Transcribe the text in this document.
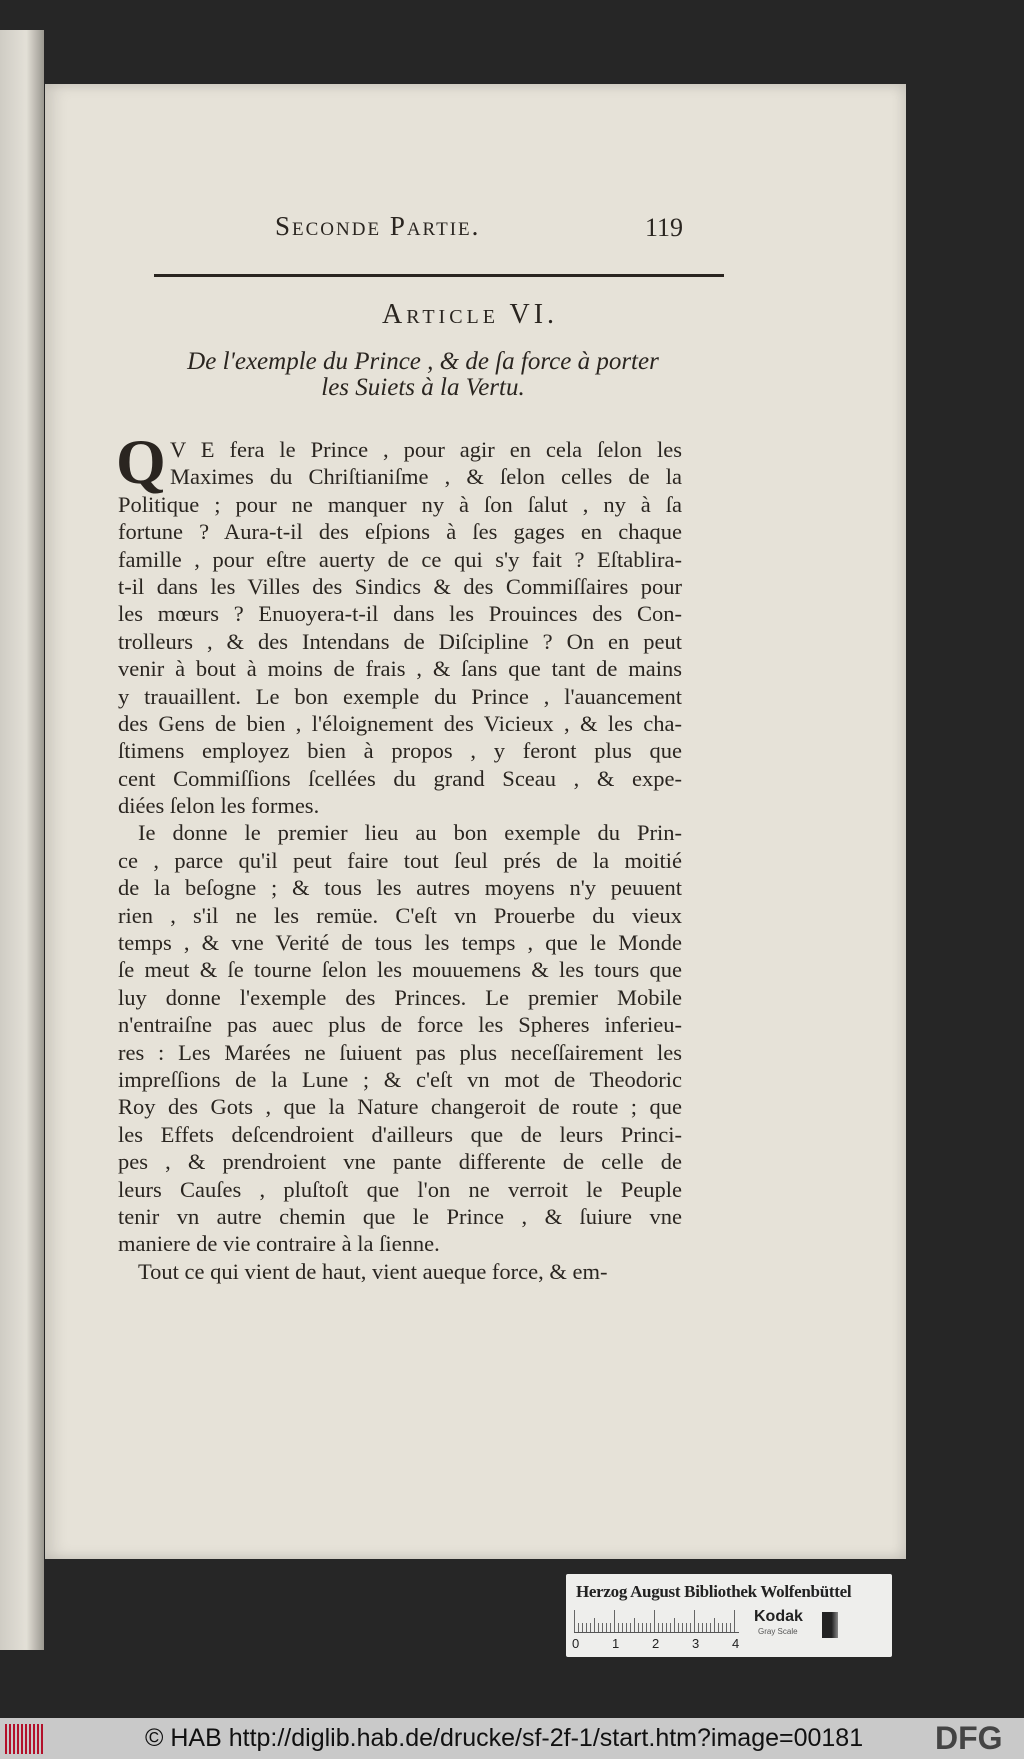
Seconde Partie.	119
Article VI.
De l'exemple du Prince , & de ſa force à porter
les Suiets à la Vertu.
Q V E fera le Prince , pour agir en cela ſelon les
Maximes du Chriſtianiſme , & ſelon celles de la
Politique ; pour ne manquer ny à ſon ſalut , ny à ſa
fortune ? Aura-t-il des eſpions à ſes gages en chaque
famille , pour eſtre auerty de ce qui s'y fait ? Eſtablira-
t-il dans les Villes des Sindics & des Commiſſaires pour
les mœurs ? Enuoyera-t-il dans les Prouinces des Con-
trolleurs , & des Intendans de Diſcipline ? On en peut
venir à bout à moins de frais , & ſans que tant de mains
y trauaillent. Le bon exemple du Prince , l'auancement
des Gens de bien , l'éloignement des Vicieux , & les cha-
ſtimens employez bien à propos , y feront plus que
cent Commiſſions ſcellées du grand Sceau , & expe-
diées ſelon les formes.
Ie donne le premier lieu au bon exemple du Prin-
ce , parce qu'il peut faire tout ſeul prés de la moitié
de la beſogne ; & tous les autres moyens n'y peuuent
rien , s'il ne les remüe. C'eſt vn Prouerbe du vieux
temps , & vne Verité de tous les temps , que le Monde
ſe meut & ſe tourne ſelon les mouuemens & les tours que
luy donne l'exemple des Princes. Le premier Mobile
n'entraiſne pas auec plus de force les Spheres inferieu-
res : Les Marées ne ſuiuent pas plus neceſſairement les
impreſſions de la Lune ; & c'eſt vn mot de Theodoric
Roy des Gots , que la Nature changeroit de route ; que
les Effets deſcendroient d'ailleurs que de leurs Princi-
pes , & prendroient vne pante differente de celle de
leurs Cauſes , pluſtoſt que l'on ne verroit le Peuple
tenir vn autre chemin que le Prince , & ſuiure vne
maniere de vie contraire à la ſienne.
Tout ce qui vient de haut, vient aueque force, & em-
Herzog August Bibliothek Wolfenbüttel
0	1	2	3	4
Kodak
Gray Scale
© HAB http://diglib.hab.de/drucke/sf-2f-1/start.htm?image=00181 DFG
